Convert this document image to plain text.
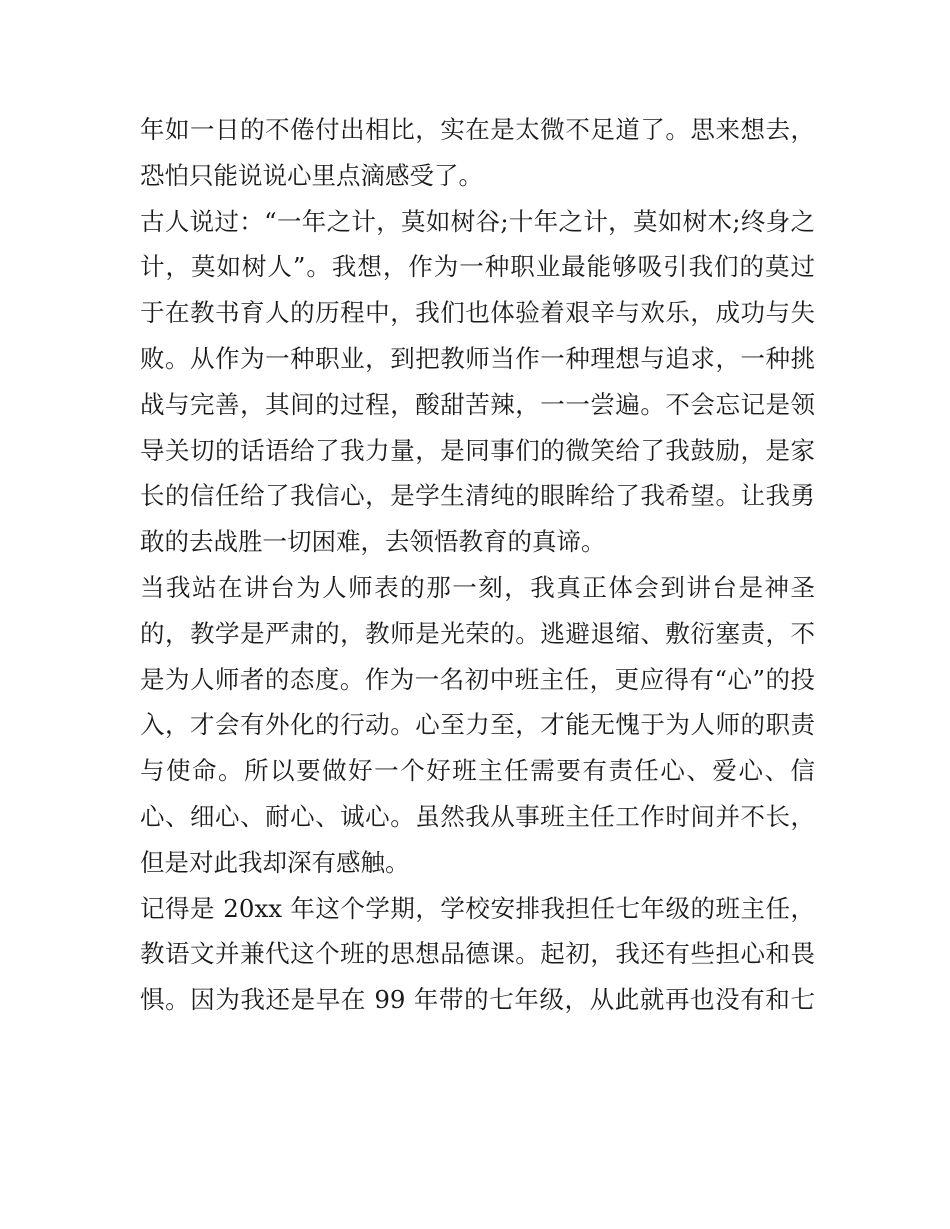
年如一日的不倦付出相比，实在是太微不足道了。思来想去，
恐怕只能说说心里点滴感受了。
古人说过：“一年之计，莫如树谷;十年之计，莫如树木;终身之
计，莫如树人”。我想，作为一种职业最能够吸引我们的莫过
于在教书育人的历程中，我们也体验着艰辛与欢乐，成功与失
败。从作为一种职业，到把教师当作一种理想与追求，一种挑
战与完善，其间的过程，酸甜苦辣，一一尝遍。不会忘记是领
导关切的话语给了我力量，是同事们的微笑给了我鼓励，是家
长的信任给了我信心，是学生清纯的眼眸给了我希望。让我勇
敢的去战胜一切困难，去领悟教育的真谛。
当我站在讲台为人师表的那一刻，我真正体会到讲台是神圣
的，教学是严肃的，教师是光荣的。逃避退缩、敷衍塞责，不
是为人师者的态度。作为一名初中班主任，更应得有“心”的投
入，才会有外化的行动。心至力至，才能无愧于为人师的职责
与使命。所以要做好一个好班主任需要有责任心、爱心、信
心、细心、耐心、诚心。虽然我从事班主任工作时间并不长，
但是对此我却深有感触。
记得是 20xx 年这个学期，学校安排我担任七年级的班主任，
教语文并兼代这个班的思想品德课。起初，我还有些担心和畏
惧。因为我还是早在 99 年带的七年级，从此就再也没有和七
